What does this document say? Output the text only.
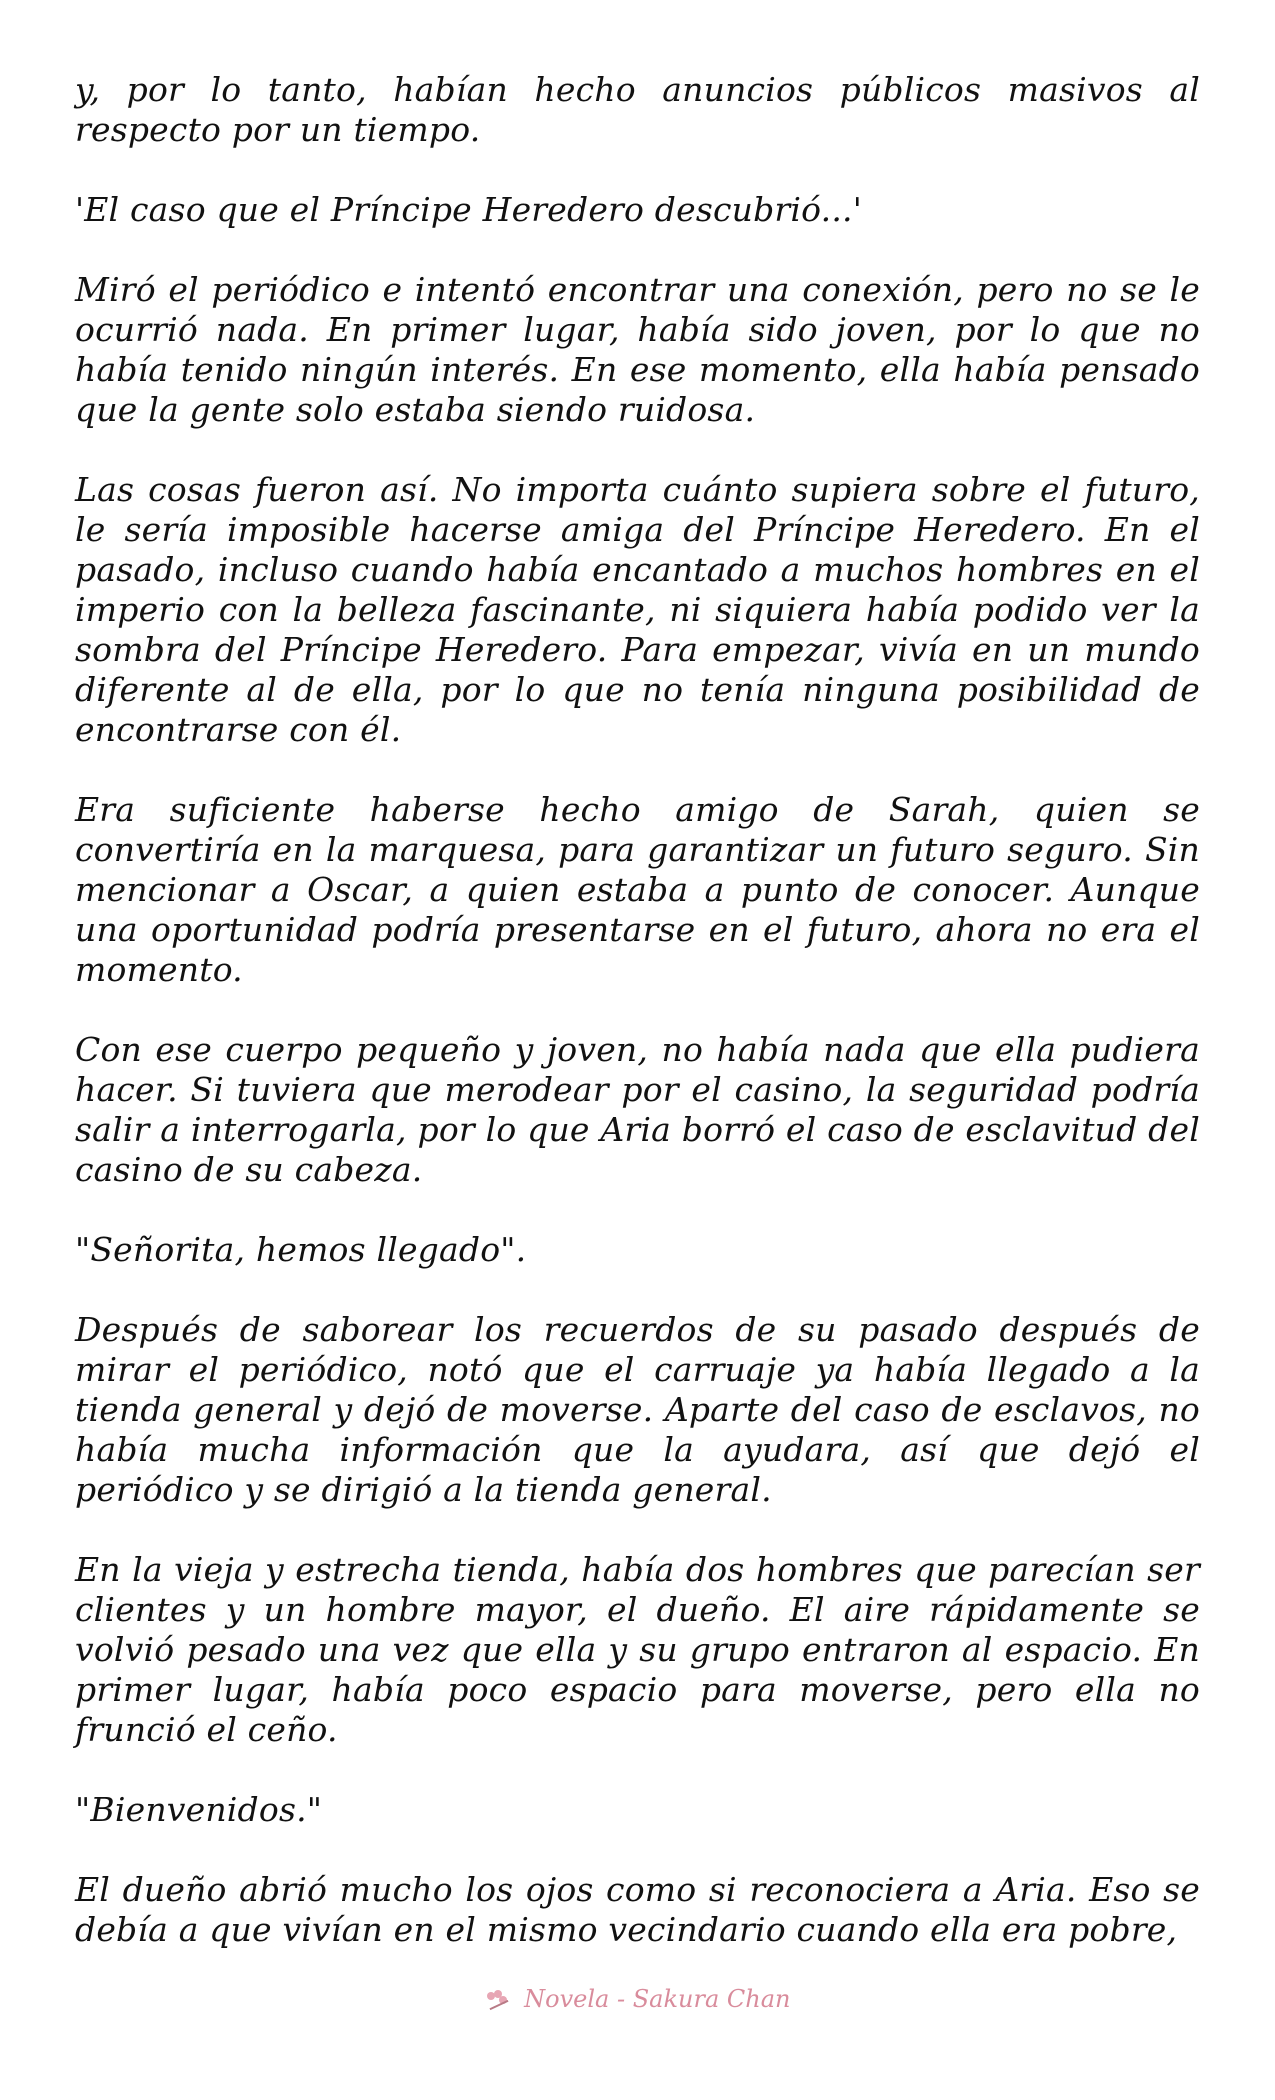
y, por lo tanto, habían hecho anuncios públicos masivos al respecto por un tiempo.

'El caso que el Príncipe Heredero descubrió...'

Miró el periódico e intentó encontrar una conexión, pero no se le ocurrió nada. En primer lugar, había sido joven, por lo que no había tenido ningún interés. En ese momento, ella había pensado que la gente solo estaba siendo ruidosa.

Las cosas fueron así. No importa cuánto supiera sobre el futuro, le sería imposible hacerse amiga del Príncipe Heredero. En el pasado, incluso cuando había encantado a muchos hombres en el imperio con la belleza fascinante, ni siquiera había podido ver la sombra del Príncipe Heredero. Para empezar, vivía en un mundo diferente al de ella, por lo que no tenía ninguna posibilidad de encontrarse con él.

Era suficiente haberse hecho amigo de Sarah, quien se convertiría en la marquesa, para garantizar un futuro seguro. Sin mencionar a Oscar, a quien estaba a punto de conocer. Aunque una oportunidad podría presentarse en el futuro, ahora no era el momento.

Con ese cuerpo pequeño y joven, no había nada que ella pudiera hacer. Si tuviera que merodear por el casino, la seguridad podría salir a interrogarla, por lo que Aria borró el caso de esclavitud del casino de su cabeza.

"Señorita, hemos llegado".

Después de saborear los recuerdos de su pasado después de mirar el periódico, notó que el carruaje ya había llegado a la tienda general y dejó de moverse. Aparte del caso de esclavos, no había mucha información que la ayudara, así que dejó el periódico y se dirigió a la tienda general.

En la vieja y estrecha tienda, había dos hombres que parecían ser clientes y un hombre mayor, el dueño. El aire rápidamente se volvió pesado una vez que ella y su grupo entraron al espacio. En primer lugar, había poco espacio para moverse, pero ella no frunció el ceño.

"Bienvenidos."

El dueño abrió mucho los ojos como si reconociera a Aria. Eso se debía a que vivían en el mismo vecindario cuando ella era pobre,

Novela - Sakura Chan
